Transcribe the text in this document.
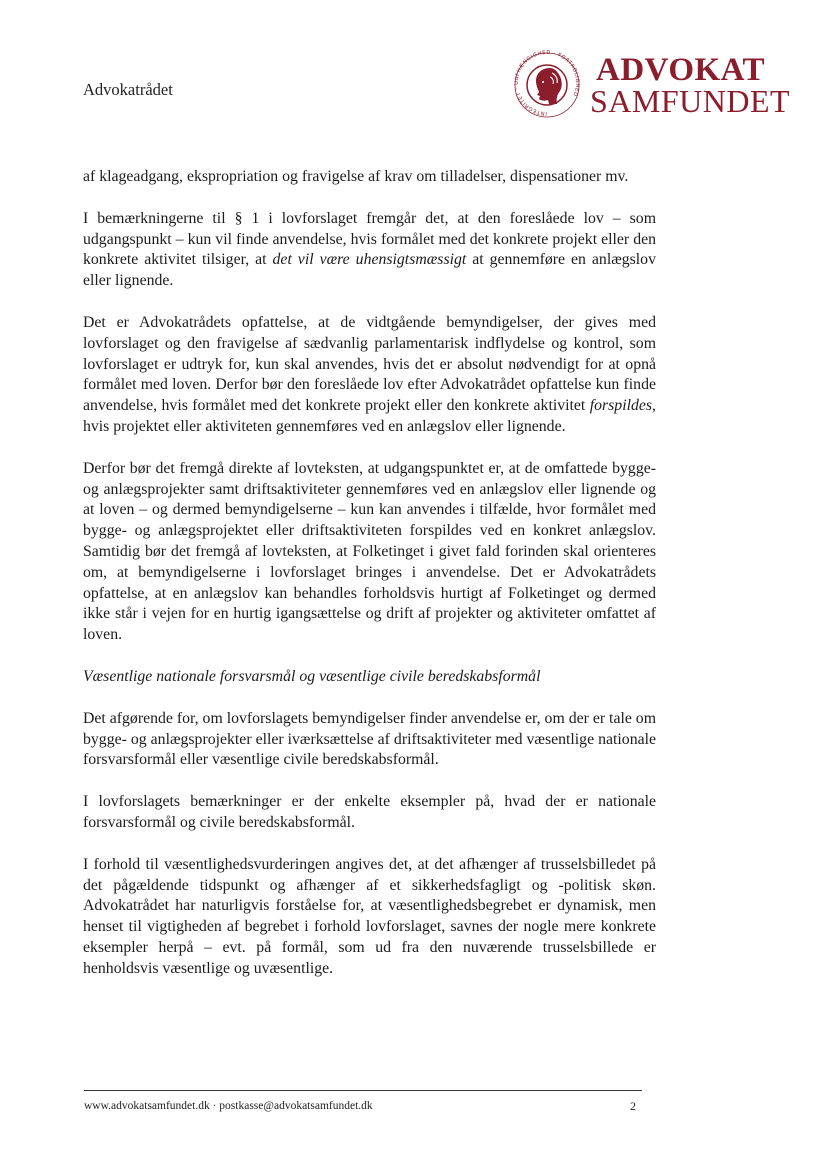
Advokatrådet
INTEGRITET · UAFHÆNGIGHED · FORTROLIGHED
ADVOKAT
SAMFUNDET

af klageadgang, ekspropriation og fravigelse af krav om tilladelser, dispensationer mv.

I bemærkningerne til § 1 i lovforslaget fremgår det, at den foreslåede lov – som udgangspunkt – kun vil finde anvendelse, hvis formålet med det konkrete projekt eller den konkrete aktivitet tilsiger, at det vil være uhensigtsmæssigt at gennemføre en anlægslov eller lignende.

Det er Advokatrådets opfattelse, at de vidtgående bemyndigelser, der gives med lovforslaget og den fravigelse af sædvanlig parlamentarisk indflydelse og kontrol, som lovforslaget er udtryk for, kun skal anvendes, hvis det er absolut nødvendigt for at opnå formålet med loven. Derfor bør den foreslåede lov efter Advokatrådet opfattelse kun finde anvendelse, hvis formålet med det konkrete projekt eller den konkrete aktivitet forspildes, hvis projektet eller aktiviteten gennemføres ved en anlægslov eller lignende.

Derfor bør det fremgå direkte af lovteksten, at udgangspunktet er, at de omfattede bygge- og anlægsprojekter samt driftsaktiviteter gennemføres ved en anlægslov eller lignende og at loven – og dermed bemyndigelserne – kun kan anvendes i tilfælde, hvor formålet med bygge- og anlægsprojektet eller driftsaktiviteten forspildes ved en konkret anlægslov. Samtidig bør det fremgå af lovteksten, at Folketinget i givet fald forinden skal orienteres om, at bemyndigelserne i lovforslaget bringes i anvendelse. Det er Advokatrådets opfattelse, at en anlægslov kan behandles forholdsvis hurtigt af Folketinget og dermed ikke står i vejen for en hurtig igangsættelse og drift af projekter og aktiviteter omfattet af loven.

Væsentlige nationale forsvarsmål og væsentlige civile beredskabsformål

Det afgørende for, om lovforslagets bemyndigelser finder anvendelse er, om der er tale om bygge- og anlægsprojekter eller iværksættelse af driftsaktiviteter med væsentlige nationale forsvarsformål eller væsentlige civile beredskabsformål.

I lovforslagets bemærkninger er der enkelte eksempler på, hvad der er nationale forsvarsformål og civile beredskabsformål.

I forhold til væsentlighedsvurderingen angives det, at det afhænger af trusselsbilledet på det pågældende tidspunkt og afhænger af et sikkerhedsfagligt og -politisk skøn. Advokatrådet har naturligvis forståelse for, at væsentlighedsbegrebet er dynamisk, men henset til vigtigheden af begrebet i forhold lovforslaget, savnes der nogle mere konkrete eksempler herpå – evt. på formål, som ud fra den nuværende trusselsbillede er henholdsvis væsentlige og uvæsentlige.

www.advokatsamfundet.dk · postkasse@advokatsamfundet.dk	2
